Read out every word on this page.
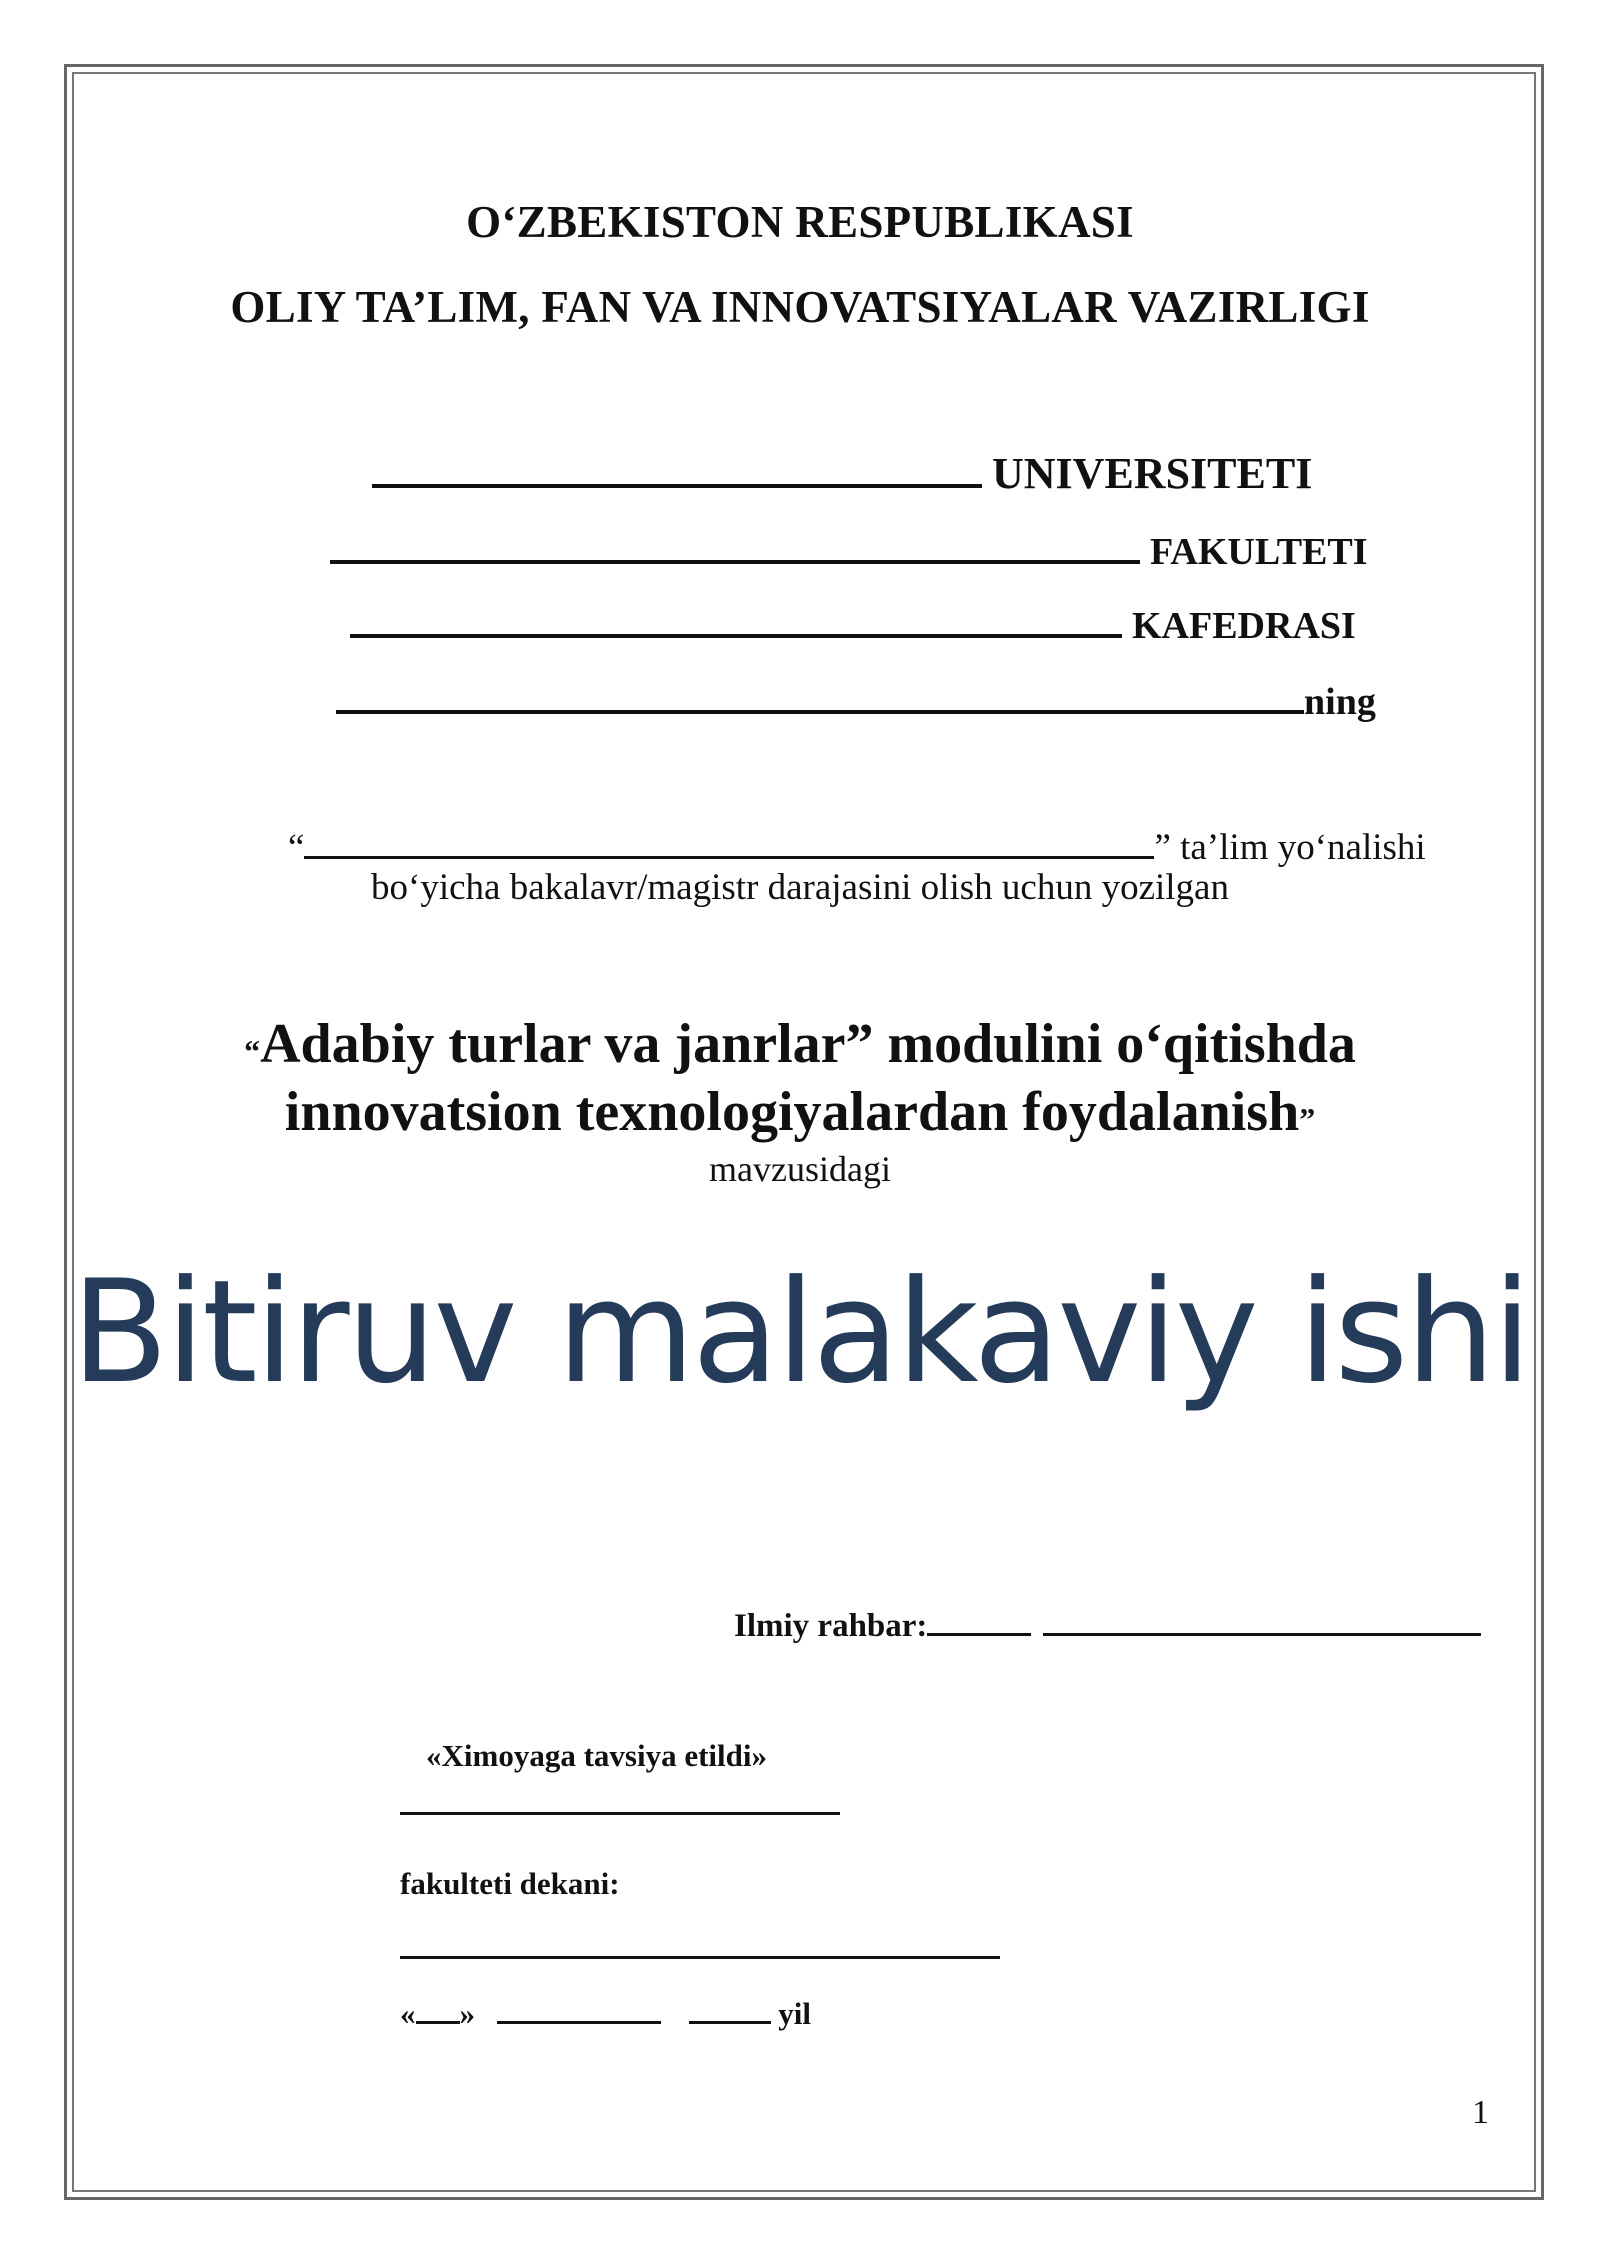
O‘ZBEKISTON RESPUBLIKASI
OLIY TA’LIM, FAN VA INNOVATSIYALAR VAZIRLIGI
UNIVERSITETI
FAKULTETI
KAFEDRASI
ning
“	” ta’lim yo‘nalishi
bo‘yicha bakalavr/magistr darajasini olish uchun yozilgan
“Adabiy turlar va janrlar” modulini o‘qitishda
innovatsion texnologiyalardan foydalanish”
mavzusidagi
Bitiruv malakaviy ishi
Ilmiy rahbar:
«Ximoyaga tavsiya etildi»
fakulteti dekani:
« »	yil
1
